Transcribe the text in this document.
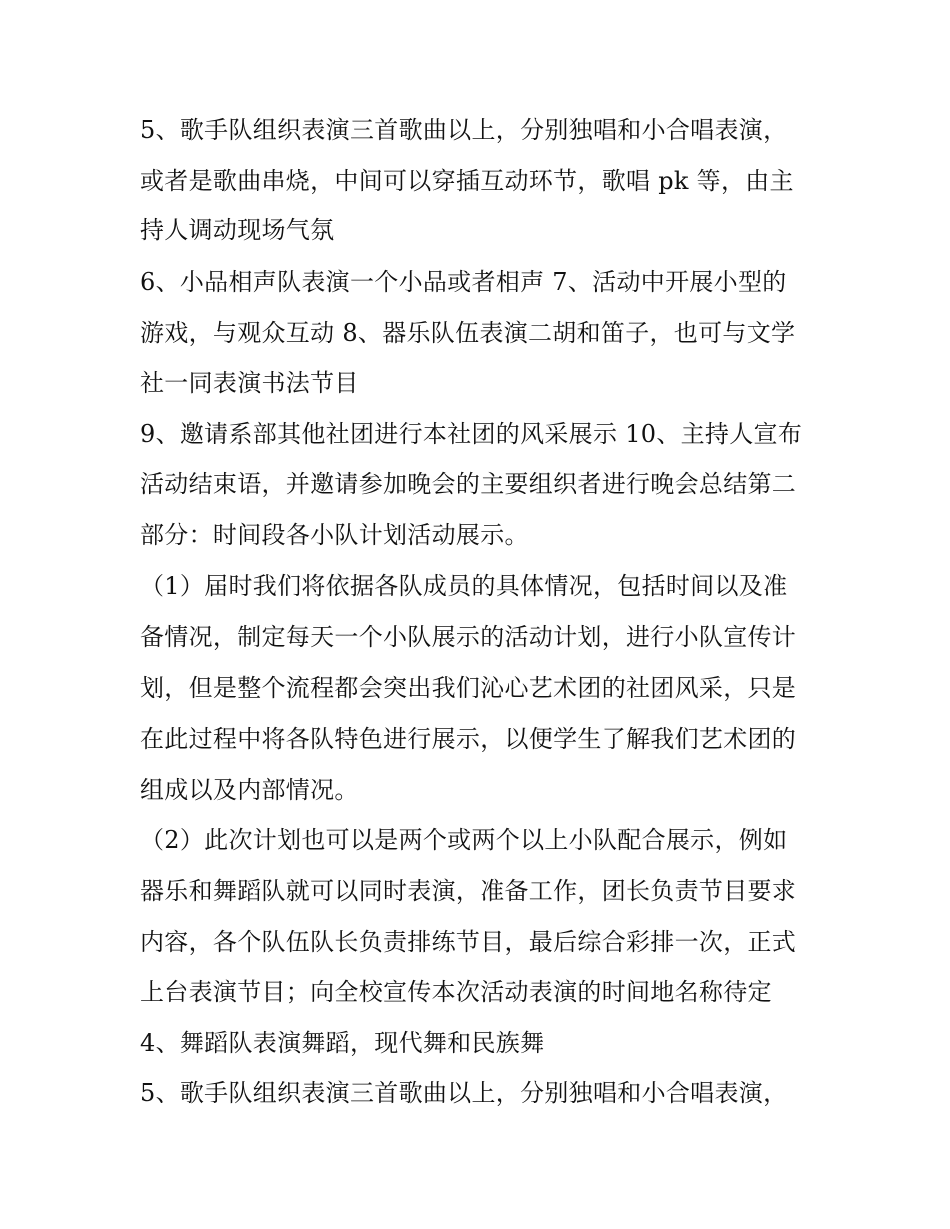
5、歌手队组织表演三首歌曲以上，分别独唱和小合唱表演，
或者是歌曲串烧，中间可以穿插互动环节，歌唱 pk 等，由主
持人调动现场气氛
6、小品相声队表演一个小品或者相声 7、活动中开展小型的
游戏，与观众互动 8、器乐队伍表演二胡和笛子，也可与文学
社一同表演书法节目
9、邀请系部其他社团进行本社团的风采展示 10、主持人宣布
活动结束语，并邀请参加晚会的主要组织者进行晚会总结第二
部分：时间段各小队计划活动展示。
（1）届时我们将依据各队成员的具体情况，包括时间以及准
备情况，制定每天一个小队展示的活动计划，进行小队宣传计
划，但是整个流程都会突出我们沁心艺术团的社团风采，只是
在此过程中将各队特色进行展示，以便学生了解我们艺术团的
组成以及内部情况。
（2）此次计划也可以是两个或两个以上小队配合展示，例如
器乐和舞蹈队就可以同时表演，准备工作，团长负责节目要求
内容，各个队伍队长负责排练节目，最后综合彩排一次，正式
上台表演节目；向全校宣传本次活动表演的时间地名称待定
4、舞蹈队表演舞蹈，现代舞和民族舞
5、歌手队组织表演三首歌曲以上，分别独唱和小合唱表演，
